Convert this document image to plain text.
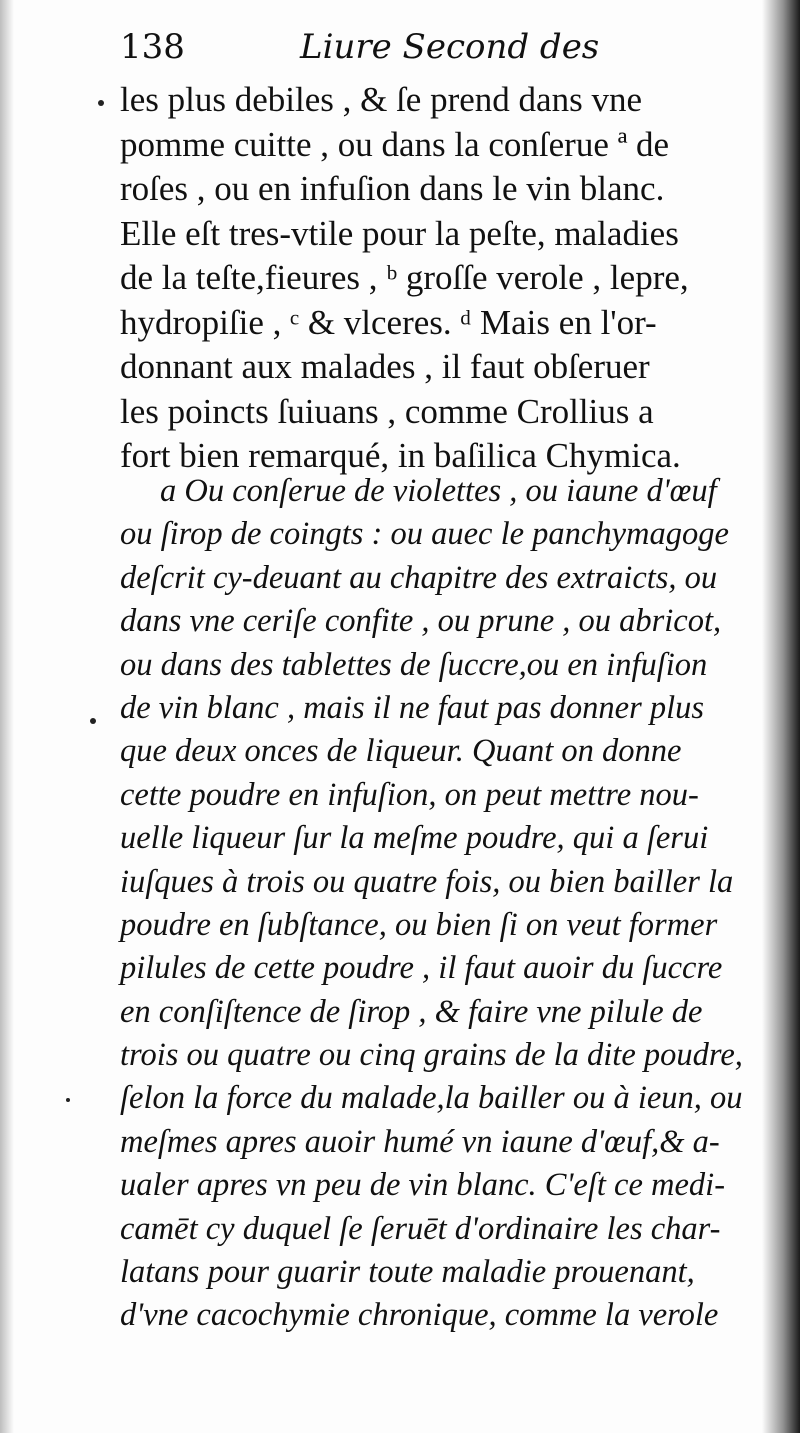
138	Liure Second des
les plus debiles , & ſe prend dans vne
pomme cuitte , ou dans la conſerue ª de
roſes , ou en infuſion dans le vin blanc.
Elle eſt tres-vtile pour la peſte, maladies
de la teſte,fieures , ᵇ groſſe verole , lepre,
hydropiſie , ᶜ & vlceres. ᵈ Mais en l'or-
donnant aux malades , il faut obſeruer
les poincts ſuiuans , comme Crollius a
fort bien remarqué, in baſilica Chymica.
a Ou conſerue de violettes , ou iaune d'œuf
ou ſirop de coingts : ou auec le panchymagoge
deſcrit cy-deuant au chapitre des extraicts, ou
dans vne ceriſe confite , ou prune , ou abricot,
ou dans des tablettes de ſuccre,ou en infuſion
de vin blanc , mais il ne faut pas donner plus
que deux onces de liqueur. Quant on donne
cette poudre en infuſion, on peut mettre nou-
uelle liqueur ſur la meſme poudre, qui a ſerui
iuſques à trois ou quatre fois, ou bien bailler la
poudre en ſubſtance, ou bien ſi on veut former
pilules de cette poudre , il faut auoir du ſuccre
en conſiſtence de ſirop , & faire vne pilule de
trois ou quatre ou cinq grains de la dite poudre,
ſelon la force du malade,la bailler ou à ieun, ou
meſmes apres auoir humé vn iaune d'œuf,& a-
ualer apres vn peu de vin blanc. C'eſt ce medi-
camēt cy duquel ſe ſeruēt d'ordinaire les char-
latans pour guarir toute maladie prouenant,
d'vne cacochymie chronique, comme la verole
